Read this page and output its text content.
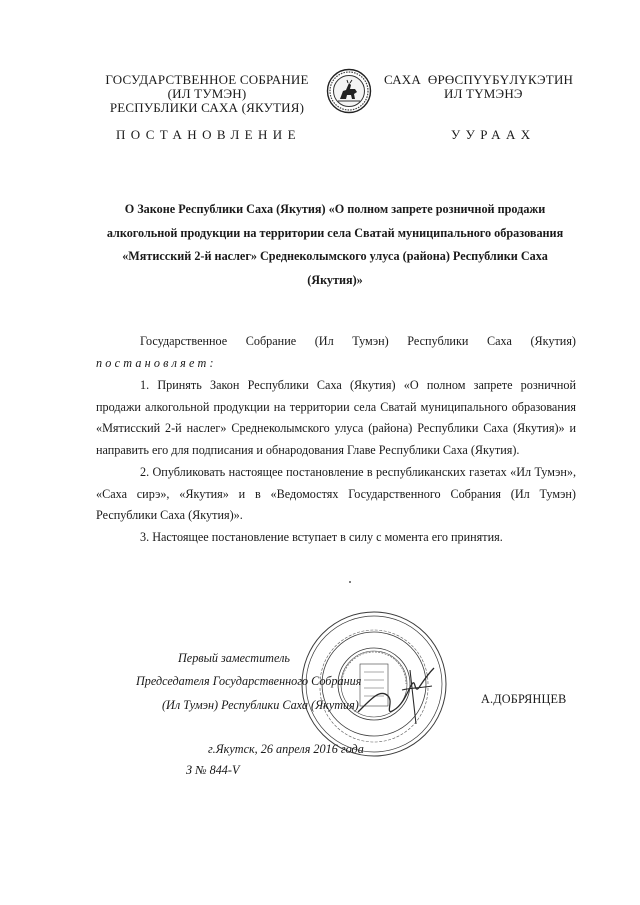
ГОСУДАРСТВЕННОЕ СОБРАНИЕ
(ИЛ ТУМЭН)
РЕСПУБЛИКИ САХА (ЯКУТИЯ)
САХА  ӨРӨСПҮҮБҮЛҮКЭТИН
ИЛ ТҮМЭНЭ
ПОСТАНОВЛЕНИЕ	УУРААХ
О Законе Республики Саха (Якутия) «О полном запрете розничной продажи алкогольной продукции на территории села Сватай муниципального образования «Мятисский 2-й наслег» Среднеколымского улуса (района) Республики Саха (Якутия)»
Государственное Собрание (Ил Тумэн) Республики Саха (Якутия)
постановляет:
1. Принять Закон Республики Саха (Якутия) «О полном запрете розничной продажи алкогольной продукции на территории села Сватай муниципального образования «Мятисский 2-й наслег» Среднеколымского улуса (района) Республики Саха (Якутия)» и направить его для подписания и обнародования Главе Республики Саха (Якутия).
2. Опубликовать настоящее постановление в республиканских газетах «Ил Тумэн», «Саха сирэ», «Якутия» и в «Ведомостях Государственного Собрания (Ил Тумэн) Республики Саха (Якутия)».
3. Настоящее постановление вступает в силу с момента его принятия.
Первый заместитель
Председателя Государственного Собрания
(Ил Тумэн) Республики Саха (Якутия)	А.ДОБРЯНЦЕВ
г.Якутск, 26 апреля 2016 года
З № 844-V
